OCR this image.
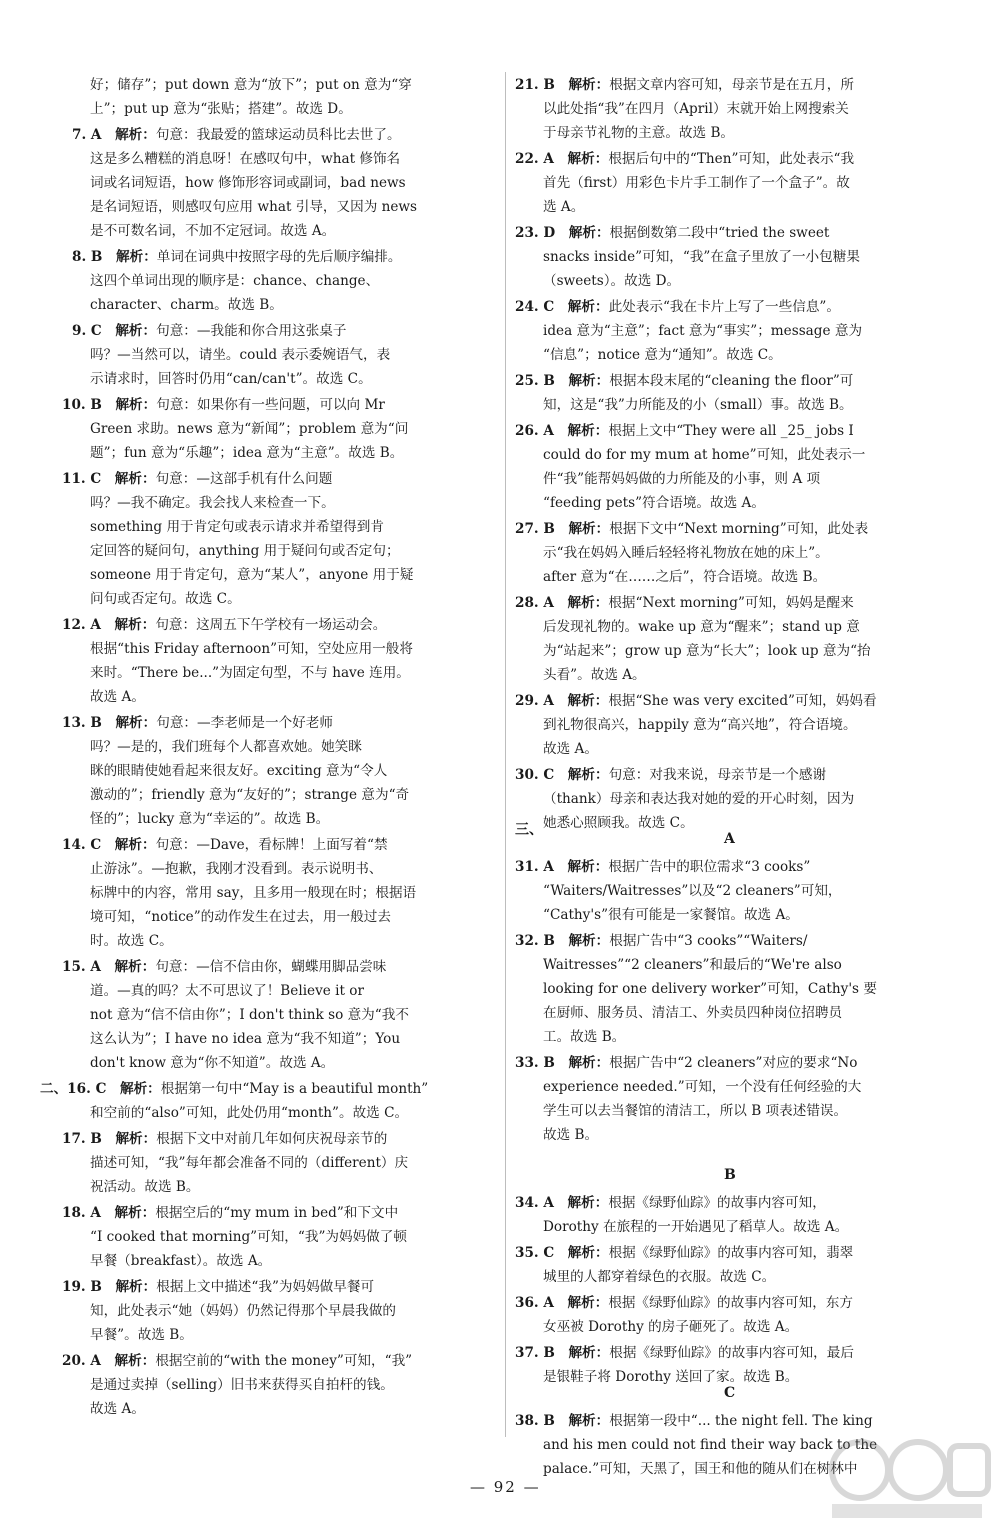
好；储存”；put down 意为“放下”；put on 意为“穿
上”；put up 意为“张贴；搭建”。故选 D。
7. A  解析：句意：我最爱的篮球运动员科比去世了。
这是多么糟糕的消息呀！在感叹句中，what 修饰名
词或名词短语，how 修饰形容词或副词，bad news
是名词短语，则感叹句应用 what 引导，又因为 news
是不可数名词，不加不定冠词。故选 A。
8. B  解析：单词在词典中按照字母的先后顺序编排。
这四个单词出现的顺序是：chance、change、
character、charm。故选 B。
9. C  解析：句意：—我能和你合用这张桌子
吗？—当然可以，请坐。could 表示委婉语气，表
示请求时，回答时仍用“can/can't”。故选 C。
10. B  解析：句意：如果你有一些问题，可以向 Mr
Green 求助。news 意为“新闻”；problem 意为“问
题”；fun 意为“乐趣”；idea 意为“主意”。故选 B。
11. C  解析：句意：—这部手机有什么问题
吗？—我不确定。我会找人来检查一下。
something 用于肯定句或表示请求并希望得到肯
定回答的疑问句，anything 用于疑问句或否定句；
someone 用于肯定句，意为“某人”，anyone 用于疑
问句或否定句。故选 C。
12. A  解析：句意：这周五下午学校有一场运动会。
根据“this Friday afternoon”可知，空处应用一般将
来时。“There be...”为固定句型，不与 have 连用。
故选 A。
13. B  解析：句意：—李老师是一个好老师
吗？—是的，我们班每个人都喜欢她。她笑眯
眯的眼睛使她看起来很友好。exciting 意为“令人
激动的”；friendly 意为“友好的”；strange 意为“奇
怪的”；lucky 意为“幸运的”。故选 B。
14. C  解析：句意：—Dave，看标牌！上面写着“禁
止游泳”。—抱歉，我刚才没看到。表示说明书、
标牌中的内容，常用 say，且多用一般现在时；根据语
境可知，“notice”的动作发生在过去，用一般过去
时。故选 C。
15. A  解析：句意：—信不信由你，蝴蝶用脚品尝味
道。—真的吗？太不可思议了！Believe it or
not 意为“信不信由你”；I don't think so 意为“我不
这么认为”；I have no idea 意为“我不知道”；You
don't know 意为“你不知道”。故选 A。
二、16. C  解析：根据第一句中“May is a beautiful month”
和空前的“also”可知，此处仍用“month”。故选 C。
17. B  解析：根据下文中对前几年如何庆祝母亲节的
描述可知，“我”每年都会准备不同的（different）庆
祝活动。故选 B。
18. A  解析：根据空后的“my mum in bed”和下文中
“I cooked that morning”可知，“我”为妈妈做了顿
早餐（breakfast）。故选 A。
19. B  解析：根据上文中描述“我”为妈妈做早餐可
知，此处表示“她（妈妈）仍然记得那个早晨我做的
早餐”。故选 B。
20. A  解析：根据空前的“with the money”可知，“我”
是通过卖掉（selling）旧书来获得买自拍杆的钱。
故选 A。
21. B  解析：根据文章内容可知，母亲节是在五月，所
以此处指“我”在四月（April）末就开始上网搜索关
于母亲节礼物的主意。故选 B。
22. A  解析：根据后句中的“Then”可知，此处表示“我
首先（first）用彩色卡片手工制作了一个盒子”。故
选 A。
23. D  解析：根据倒数第二段中“tried the sweet
snacks inside”可知，“我”在盒子里放了一小包糖果
（sweets）。故选 D。
24. C  解析：此处表示“我在卡片上写了一些信息”。
idea 意为“主意”；fact 意为“事实”；message 意为
“信息”；notice 意为“通知”。故选 C。
25. B  解析：根据本段末尾的“cleaning the floor”可
知，这是“我”力所能及的小（small）事。故选 B。
26. A  解析：根据上文中“They were all _25_ jobs I
could do for my mum at home”可知，此处表示一
件“我”能帮妈妈做的力所能及的小事，则 A 项
“feeding pets”符合语境。故选 A。
27. B  解析：根据下文中“Next morning”可知，此处表
示“我在妈妈入睡后轻轻将礼物放在她的床上”。
after 意为“在……之后”，符合语境。故选 B。
28. A  解析：根据“Next morning”可知，妈妈是醒来
后发现礼物的。wake up 意为“醒来”；stand up 意
为“站起来”；grow up 意为“长大”；look up 意为“抬
头看”。故选 A。
29. A  解析：根据“She was very excited”可知，妈妈看
到礼物很高兴，happily 意为“高兴地”，符合语境。
故选 A。
30. C  解析：句意：对我来说，母亲节是一个感谢
（thank）母亲和表达我对她的爱的开心时刻，因为
她悉心照顾我。故选 C。
31. A  解析：根据广告中的职位需求“3 cooks”
“Waiters/Waitresses”以及“2 cleaners”可知，
“Cathy's”很有可能是一家餐馆。故选 A。
32. B  解析：根据广告中“3 cooks”“Waiters/
Waitresses”“2 cleaners”和最后的“We're also
looking for one delivery worker”可知，Cathy's 要
在厨师、服务员、清洁工、外卖员四种岗位招聘员
工。故选 B。
33. B  解析：根据广告中“2 cleaners”对应的要求“No
experience needed.”可知，一个没有任何经验的大
学生可以去当餐馆的清洁工，所以 B 项表述错误。
故选 B。
34. A  解析：根据《绿野仙踪》的故事内容可知，
Dorothy 在旅程的一开始遇见了稻草人。故选 A。
35. C  解析：根据《绿野仙踪》的故事内容可知，翡翠
城里的人都穿着绿色的衣服。故选 C。
36. A  解析：根据《绿野仙踪》的故事内容可知，东方
女巫被 Dorothy 的房子砸死了。故选 A。
37. B  解析：根据《绿野仙踪》的故事内容可知，最后
是银鞋子将 Dorothy 送回了家。故选 B。
38. B  解析：根据第一段中“... the night fell. The king
and his men could not find their way back to the
palace.”可知，天黑了，国王和他的随从们在树林中
三、
A
B
C
— 92 —
